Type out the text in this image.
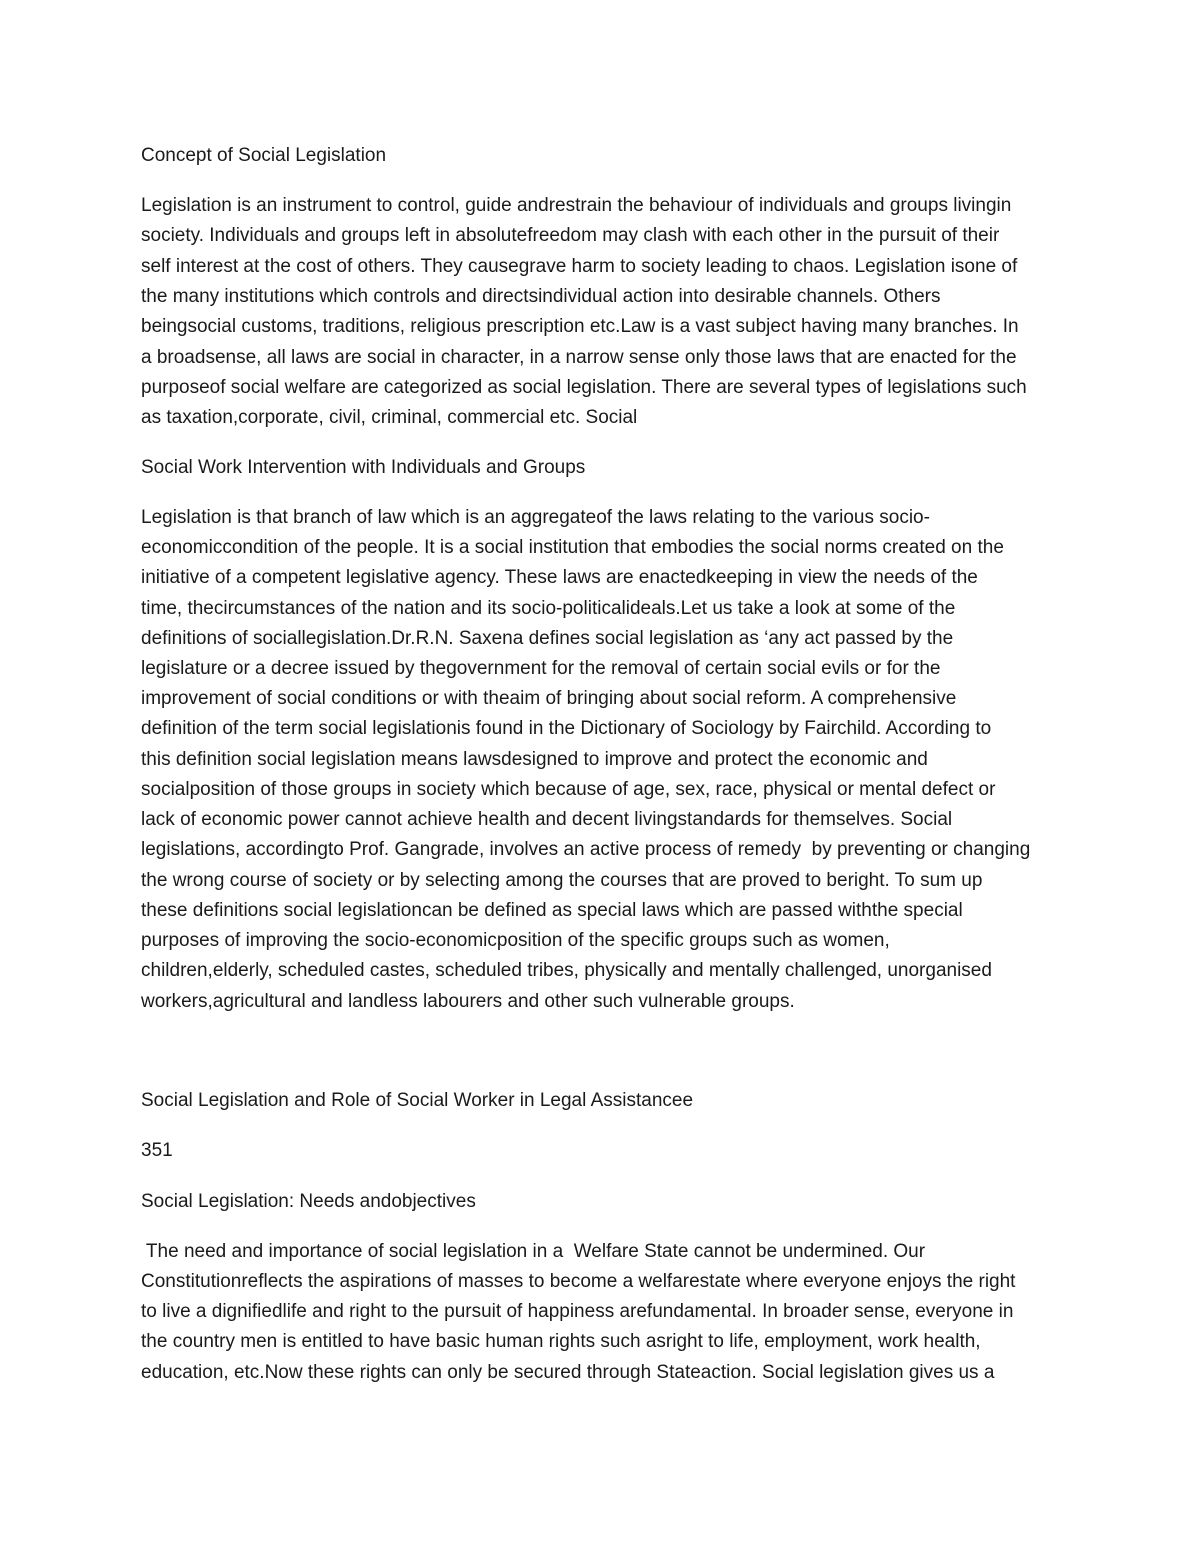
Concept of Social Legislation
Legislation is an instrument to control, guide andrestrain the behaviour of individuals and groups livingin
society. Individuals and groups left in absolutefreedom may clash with each other in the pursuit of their
self interest at the cost of others. They causegrave harm to society leading to chaos. Legislation isone of
the many institutions which controls and directsindividual action into desirable channels. Others
beingsocial customs, traditions, religious prescription etc.Law is a vast subject having many branches. In
a broadsense, all laws are social in character, in a narrow sense only those laws that are enacted for the
purposeof social welfare are categorized as social legislation. There are several types of legislations such
as taxation,corporate, civil, criminal, commercial etc. Social
Social Work Intervention with Individuals and Groups
Legislation is that branch of law which is an aggregateof the laws relating to the various socio-
economiccondition of the people. It is a social institution that embodies the social norms created on the
initiative of a competent legislative agency. These laws are enactedkeeping in view the needs of the
time, thecircumstances of the nation and its socio-politicalideals.Let us take a look at some of the
definitions of sociallegislation.Dr.R.N. Saxena defines social legislation as ‘any act passed by the
legislature or a decree issued by thegovernment for the removal of certain social evils or for the
improvement of social conditions or with theaim of bringing about social reform. A comprehensive
definition of the term social legislationis found in the Dictionary of Sociology by Fairchild. According to
this definition social legislation means lawsdesigned to improve and protect the economic and
socialposition of those groups in society which because of age, sex, race, physical or mental defect or
lack of economic power cannot achieve health and decent livingstandards for themselves. Social
legislations, accordingto Prof. Gangrade, involves an active process of remedy  by preventing or changing
the wrong course of society or by selecting among the courses that are proved to beright. To sum up
these definitions social legislationcan be defined as special laws which are passed withthe special
purposes of improving the socio-economicposition of the specific groups such as women,
children,elderly, scheduled castes, scheduled tribes, physically and mentally challenged, unorganised
workers,agricultural and landless labourers and other such vulnerable groups.
Social Legislation and Role of Social Worker in Legal Assistancee
351
Social Legislation: Needs andobjectives
The need and importance of social legislation in a  Welfare State cannot be undermined. Our
Constitutionreflects the aspirations of masses to become a welfarestate where everyone enjoys the right
to live a dignifiedlife and right to the pursuit of happiness arefundamental. In broader sense, everyone in
the country men is entitled to have basic human rights such asright to life, employment, work health,
education, etc.Now these rights can only be secured through Stateaction. Social legislation gives us a
